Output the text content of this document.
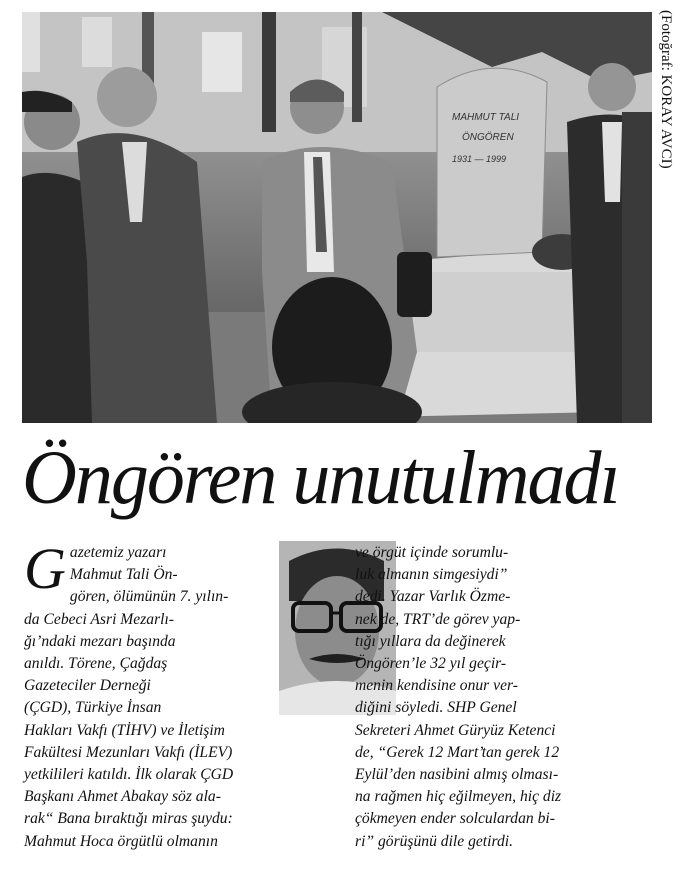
MAHMUT TALI
ÖNGÖREN
1931 — 1999	(Fotoğraf: KORAY AVCI)
Öngören unutulmadı
G azetemiz yazarı
Mahmut Tali Ön-
gören, ölümünün 7. yılın-
da Cebeci Asri Mezarlı-
ğı’ndaki mezarı başında
anıldı. Törene, Çağdaş
Gazeteciler Derneği
(ÇGD), Türkiye İnsan
Hakları Vakfı (TİHV) ve İletişim
Fakültesi Mezunları Vakfı (İLEV)
yetkilileri katıldı. İlk olarak ÇGD
Başkanı Ahmet Abakay söz ala-
rak“ Bana bıraktığı miras şuydu:
Mahmut Hoca örgütlü olmanın
ve örgüt içinde sorumlu-
luk almanın simgesiydi”
dedi. Yazar Varlık Özme-
nek de, TRT’de görev yap-
tığı yıllara da değinerek
Öngören’le 32 yıl geçir-
menin kendisine onur ver-
diğini söyledi. SHP Genel
Sekreteri Ahmet Güryüz Ketenci
de, “Gerek 12 Mart’tan gerek 12
Eylül’den nasibini almış olması-
na rağmen hiç eğilmeyen, hiç diz
çökmeyen ender solculardan bi-
ri” görüşünü dile getirdi.
